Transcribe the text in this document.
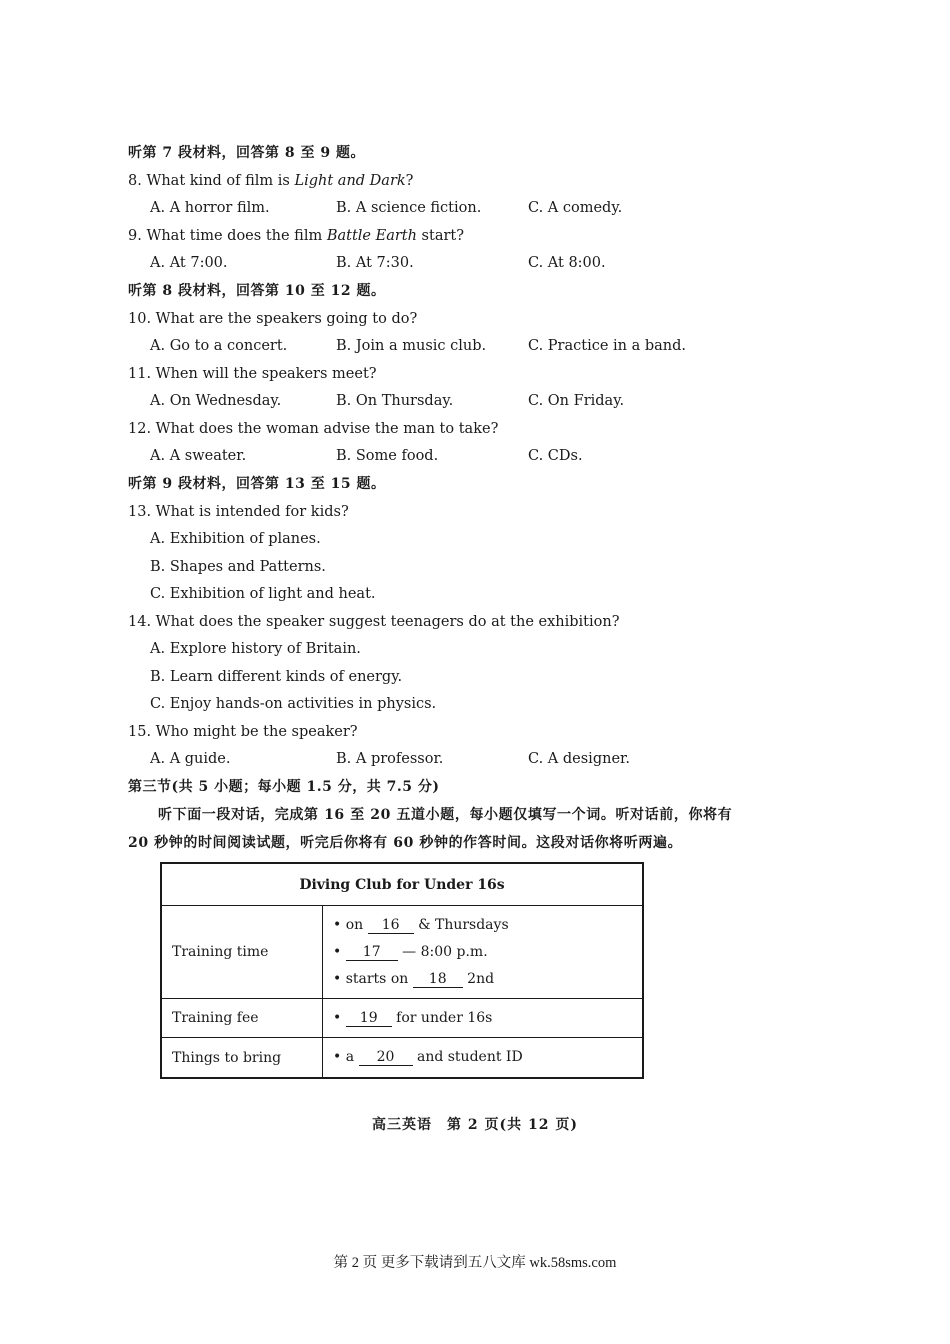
听第 7 段材料，回答第 8 至 9 题。
8. What kind of film is Light and Dark?
A. A horror film.	B. A science fiction.	C. A comedy.
9. What time does the film Battle Earth start?
A. At 7:00.	B. At 7:30.	C. At 8:00.
听第 8 段材料，回答第 10 至 12 题。
10. What are the speakers going to do?
A. Go to a concert.	B. Join a music club.	C. Practice in a band.
11. When will the speakers meet?
A. On Wednesday.	B. On Thursday.	C. On Friday.
12. What does the woman advise the man to take?
A. A sweater.	B. Some food.	C. CDs.
听第 9 段材料，回答第 13 至 15 题。
13. What is intended for kids?
A. Exhibition of planes.
B. Shapes and Patterns.
C. Exhibition of light and heat.
14. What does the speaker suggest teenagers do at the exhibition?
A. Explore history of Britain.
B. Learn different kinds of energy.
C. Enjoy hands-on activities in physics.
15. Who might be the speaker?
A. A guide.	B. A professor.	C. A designer.
第三节(共 5 小题；每小题 1.5 分，共 7.5 分)
听下面一段对话，完成第 16 至 20 五道小题，每小题仅填写一个词。听对话前，你将有
20 秒钟的时间阅读试题，听完后你将有 60 秒钟的作答时间。这段对话你将听两遍。
Diving Club for Under 16s	
Training time	• on 16 & Thursdays
• 17 — 8:00 p.m.
• starts on 18 2nd

Training fee	• 19 for under 16s
Things to bring	• a 20 and student ID
高三英语　第 2 页(共 12 页)
第 2 页 更多下载请到五八文库 wk.58sms.com
